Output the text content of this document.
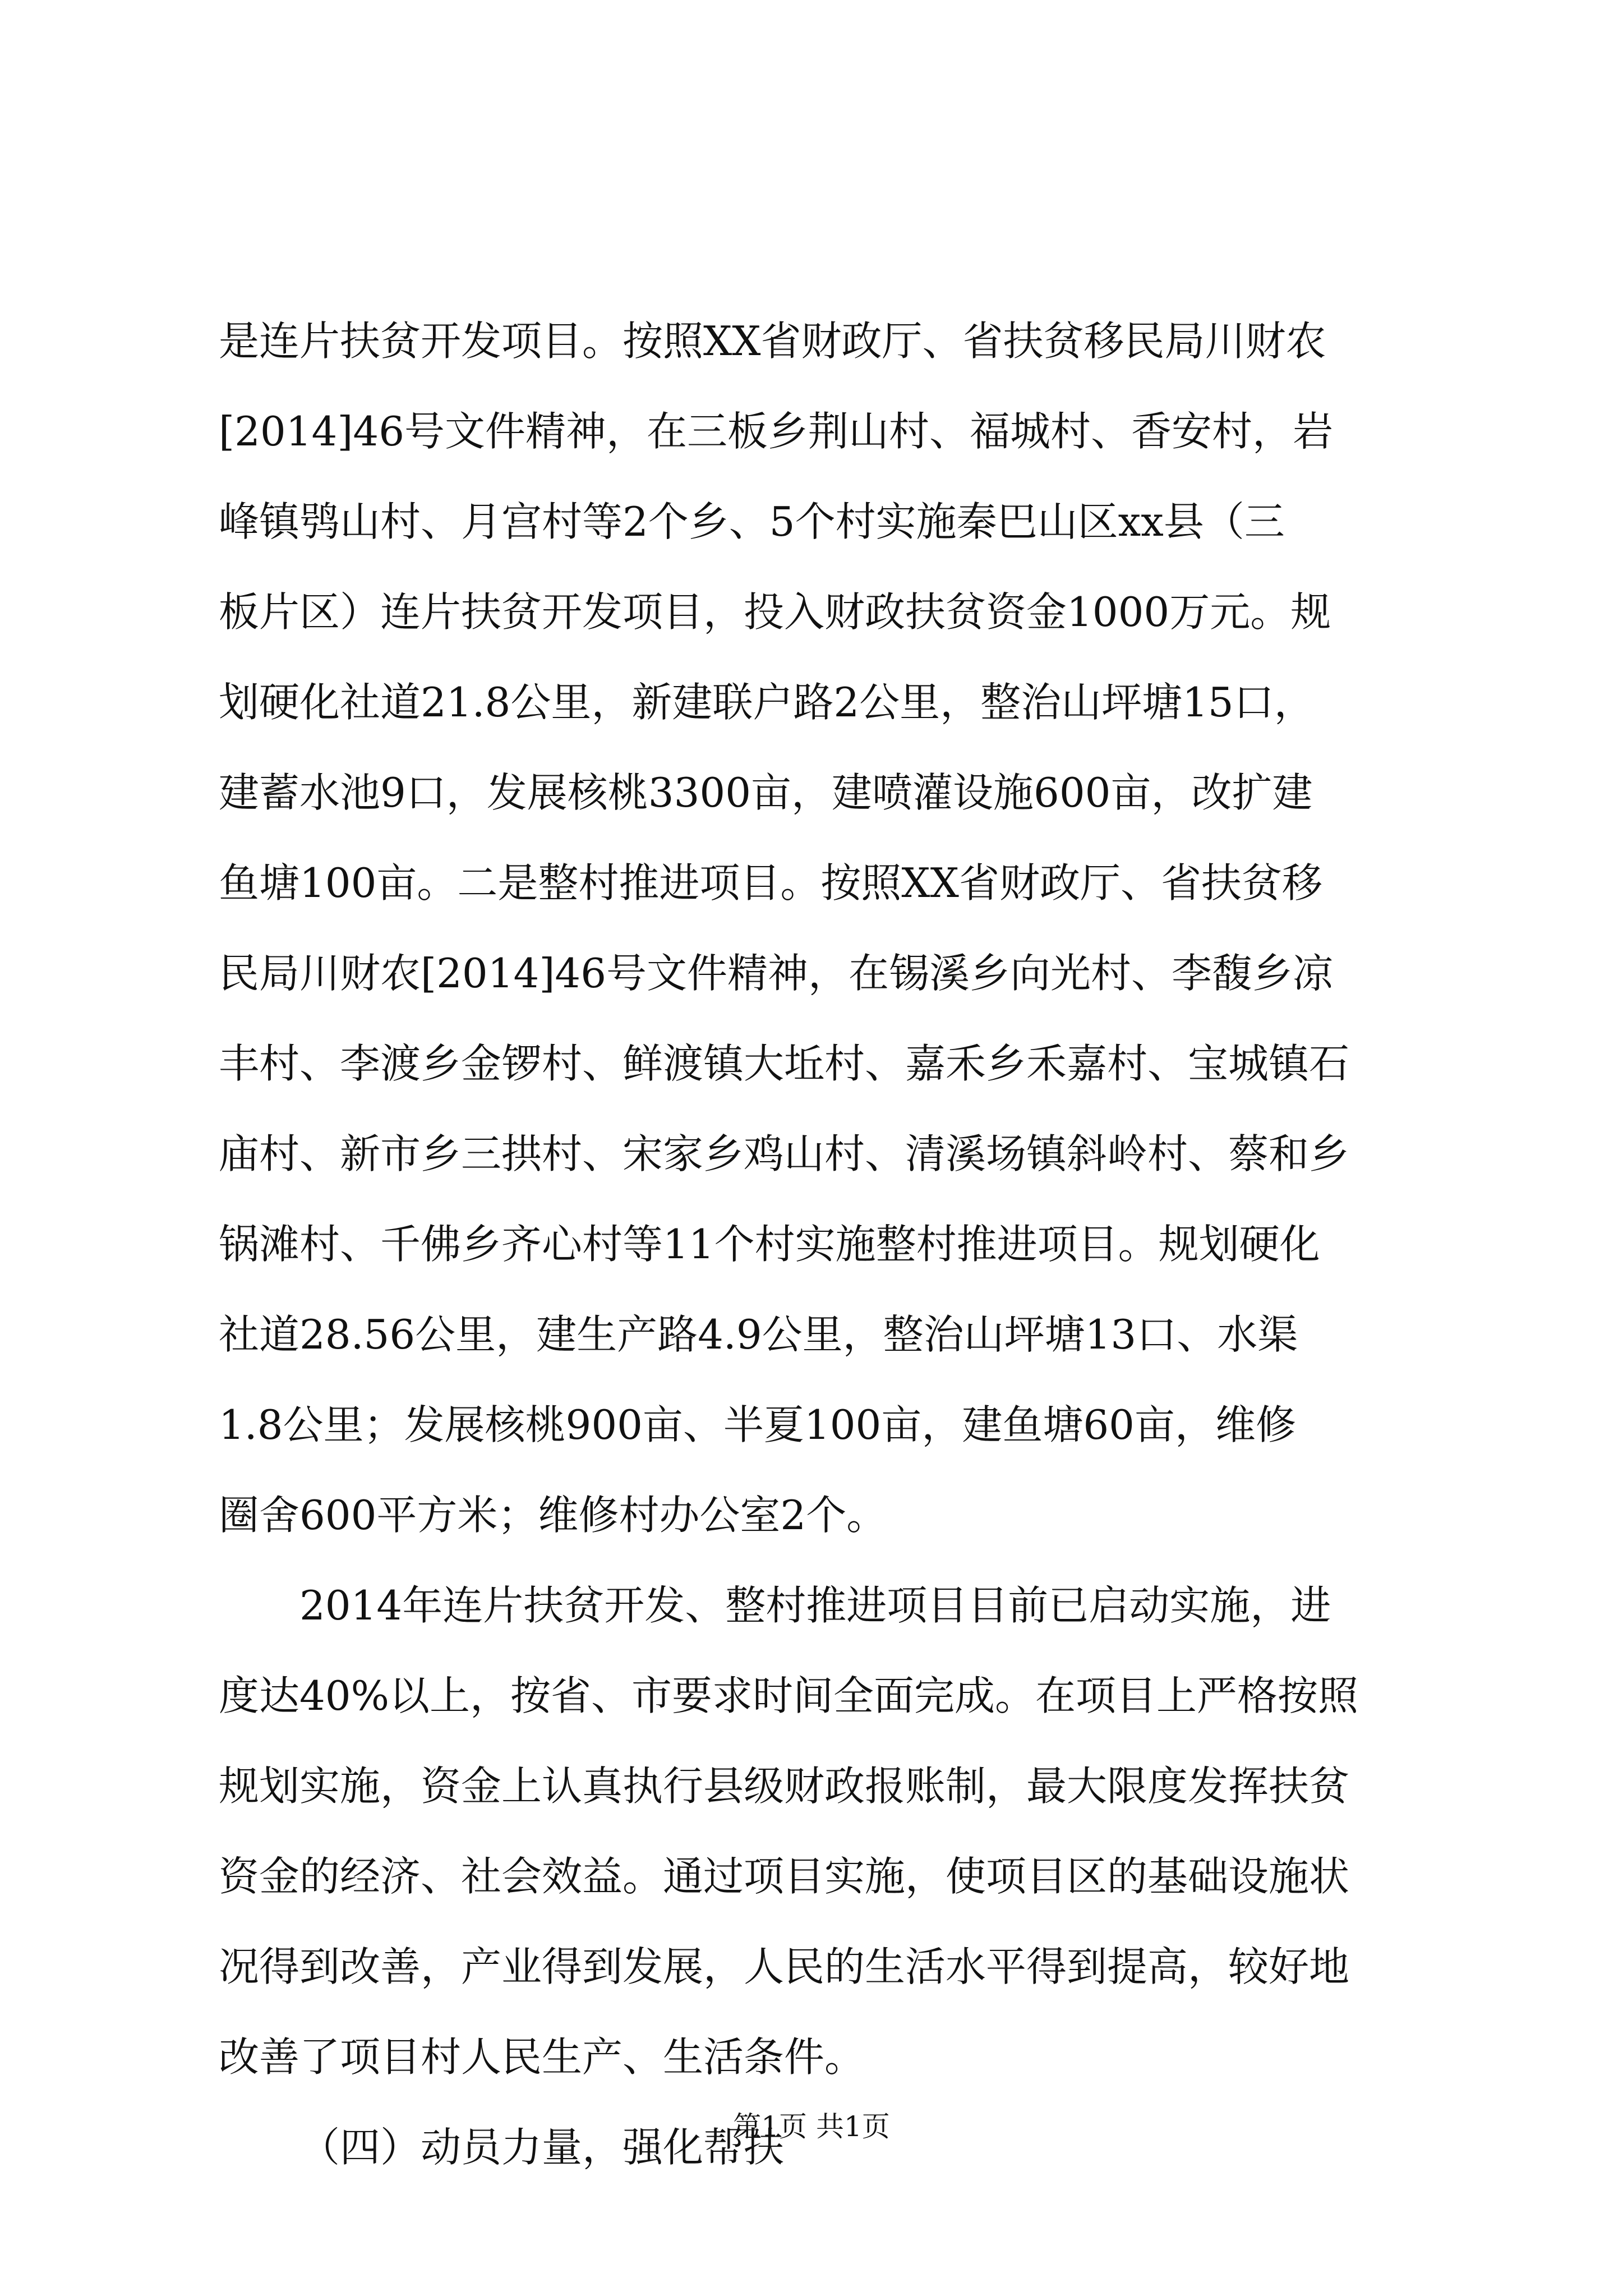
是连片扶贫开发项目。按照XX省财政厅、省扶贫移民局川财农
[2014]46号文件精神，在三板乡荆山村、福城村、香安村，岩
峰镇鸮山村、月宫村等2个乡、5个村实施秦巴山区xx县（三
板片区）连片扶贫开发项目，投入财政扶贫资金1000万元。规
划硬化社道21.8公里，新建联户路2公里，整治山坪塘15口，
建蓄水池9口，发展核桃3300亩，建喷灌设施600亩，改扩建
鱼塘100亩。二是整村推进项目。按照XX省财政厅、省扶贫移
民局川财农[2014]46号文件精神，在锡溪乡向光村、李馥乡凉
丰村、李渡乡金锣村、鲜渡镇大坵村、嘉禾乡禾嘉村、宝城镇石
庙村、新市乡三拱村、宋家乡鸡山村、清溪场镇斜岭村、蔡和乡
锅滩村、千佛乡齐心村等11个村实施整村推进项目。规划硬化
社道28.56公里，建生产路4.9公里，整治山坪塘13口、水渠
1.8公里；发展核桃900亩、半夏100亩，建鱼塘60亩，维修
圈舍600平方米；维修村办公室2个。
2014年连片扶贫开发、整村推进项目目前已启动实施，进
度达40%以上，按省、市要求时间全面完成。在项目上严格按照
规划实施，资金上认真执行县级财政报账制，最大限度发挥扶贫
资金的经济、社会效益。通过项目实施，使项目区的基础设施状
况得到改善，产业得到发展，人民的生活水平得到提高，较好地
改善了项目村人民生产、生活条件。
（四）动员力量，强化帮扶
第1页 共1页
